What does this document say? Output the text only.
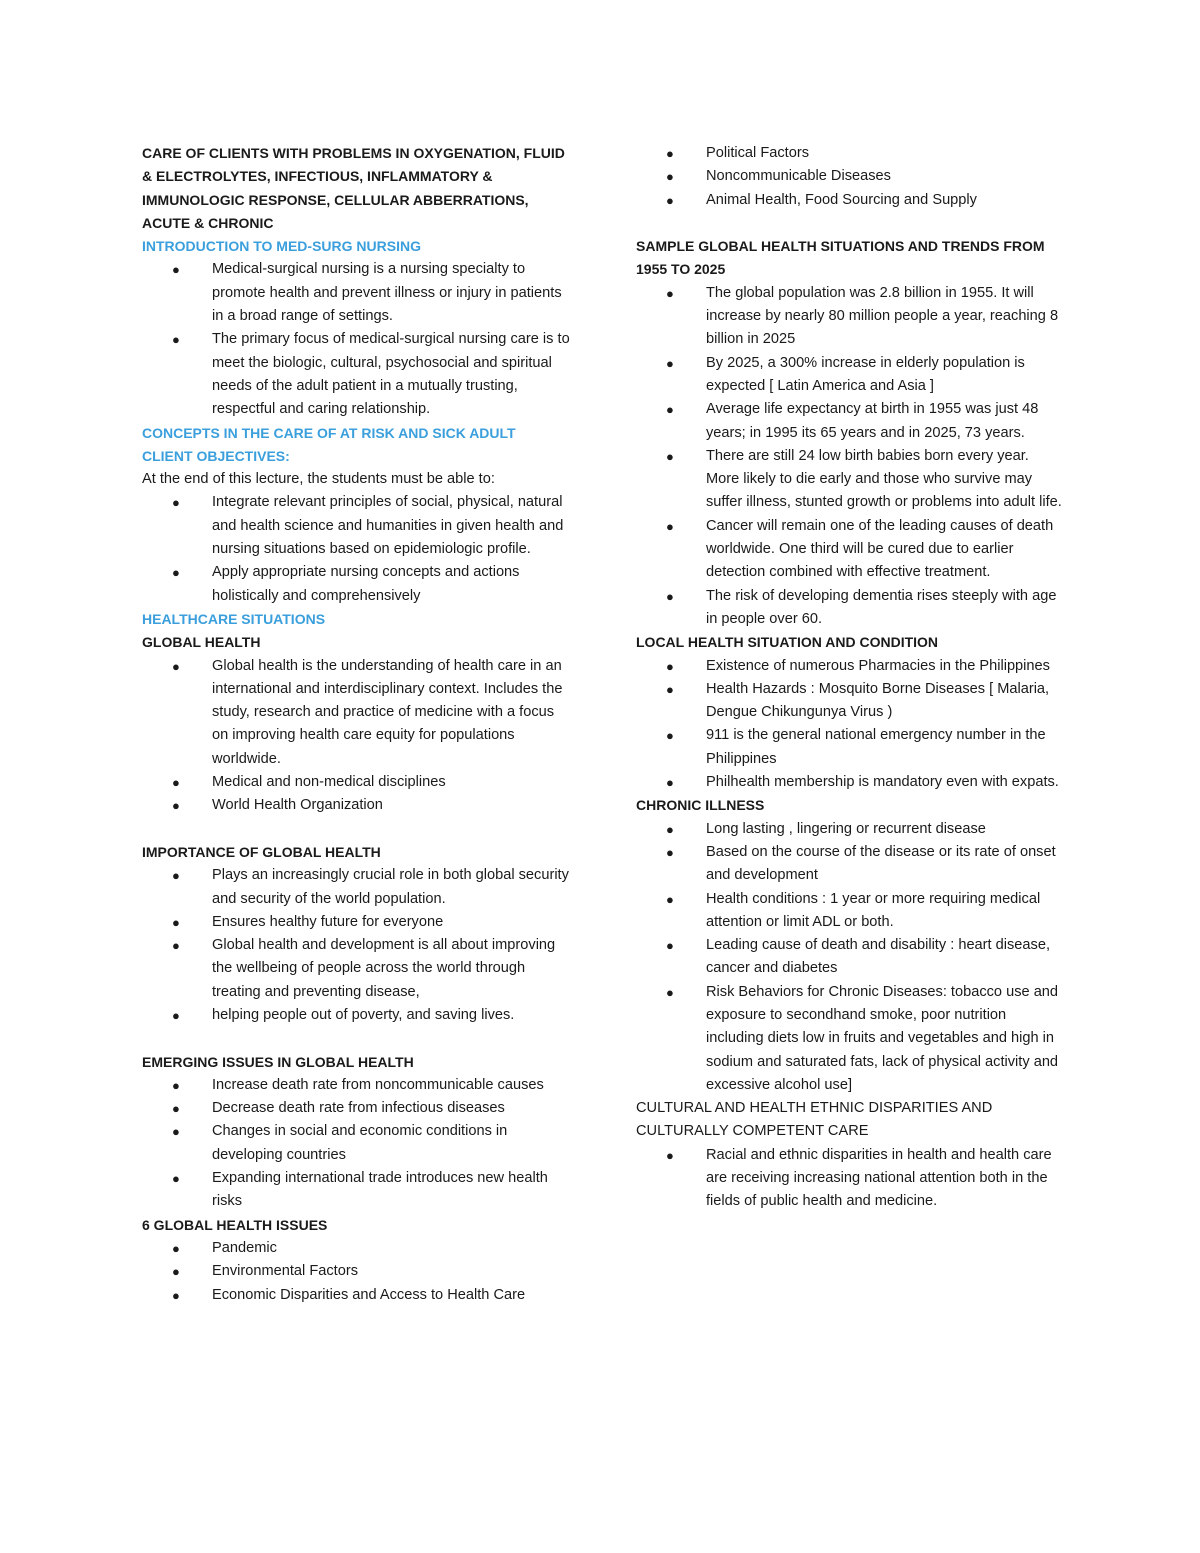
CARE OF CLIENTS WITH PROBLEMS IN OXYGENATION, FLUID & ELECTROLYTES, INFECTIOUS, INFLAMMATORY & IMMUNOLOGIC RESPONSE, CELLULAR ABBERRATIONS, ACUTE & CHRONIC
INTRODUCTION TO MED-SURG NURSING
● Medical-surgical nursing is a nursing specialty to promote health and prevent illness or injury in patients in a broad range of settings.
● The primary focus of medical-surgical nursing care is to meet the biologic, cultural, psychosocial and spiritual needs of the adult patient in a mutually trusting, respectful and caring relationship.
CONCEPTS IN THE CARE OF AT RISK AND SICK ADULT
CLIENT OBJECTIVES:
At the end of this lecture, the students must be able to:
● Integrate relevant principles of social, physical, natural and health science and humanities in given health and nursing situations based on epidemiologic profile.
● Apply appropriate nursing concepts and actions holistically and comprehensively
HEALTHCARE SITUATIONS
GLOBAL HEALTH
● Global health is the understanding of health care in an international and interdisciplinary context. Includes the study, research and practice of medicine with a focus on improving health care equity for populations worldwide.
● Medical and non-medical disciplines
● World Health Organization
IMPORTANCE OF GLOBAL HEALTH
● Plays an increasingly crucial role in both global security and security of the world population.
● Ensures healthy future for everyone
● Global health and development is all about improving the wellbeing of people across the world through treating and preventing disease,
● helping people out of poverty, and saving lives.
EMERGING ISSUES IN GLOBAL HEALTH
● Increase death rate from noncommunicable causes
● Decrease death rate from infectious diseases
● Changes in social and economic conditions in developing countries
● Expanding international trade introduces new health risks
6 GLOBAL HEALTH ISSUES
● Pandemic
● Environmental Factors
● Economic Disparities and Access to Health Care
● Political Factors
● Noncommunicable Diseases
● Animal Health, Food Sourcing and Supply
SAMPLE GLOBAL HEALTH SITUATIONS AND TRENDS FROM 1955 TO 2025
● The global population was 2.8 billion in 1955. It will increase by nearly 80 million people a year, reaching 8 billion in 2025
● By 2025, a 300% increase in elderly population is expected [ Latin America and Asia ]
● Average life expectancy at birth in 1955 was just 48 years; in 1995 its 65 years and in 2025, 73 years.
● There are still 24 low birth babies born every year. More likely to die early and those who survive may suffer illness, stunted growth or problems into adult life.
● Cancer will remain one of the leading causes of death worldwide. One third will be cured due to earlier detection combined with effective treatment.
● The risk of developing dementia rises steeply with age in people over 60.
LOCAL HEALTH SITUATION AND CONDITION
● Existence of numerous Pharmacies in the Philippines
● Health Hazards : Mosquito Borne Diseases [ Malaria, Dengue Chikungunya Virus )
● 911 is the general national emergency number in the Philippines
● Philhealth membership is mandatory even with expats.
CHRONIC ILLNESS
● Long lasting , lingering or recurrent disease
● Based on the course of the disease or its rate of onset and development
● Health conditions : 1 year or more requiring medical attention or limit ADL or both.
● Leading cause of death and disability : heart disease, cancer and diabetes
● Risk Behaviors for Chronic Diseases: tobacco use and exposure to secondhand smoke, poor nutrition including diets low in fruits and vegetables and high in sodium and saturated fats, lack of physical activity and excessive alcohol use]
CULTURAL AND HEALTH ETHNIC DISPARITIES AND
CULTURALLY COMPETENT CARE
● Racial and ethnic disparities in health and health care are receiving increasing national attention both in the fields of public health and medicine.
